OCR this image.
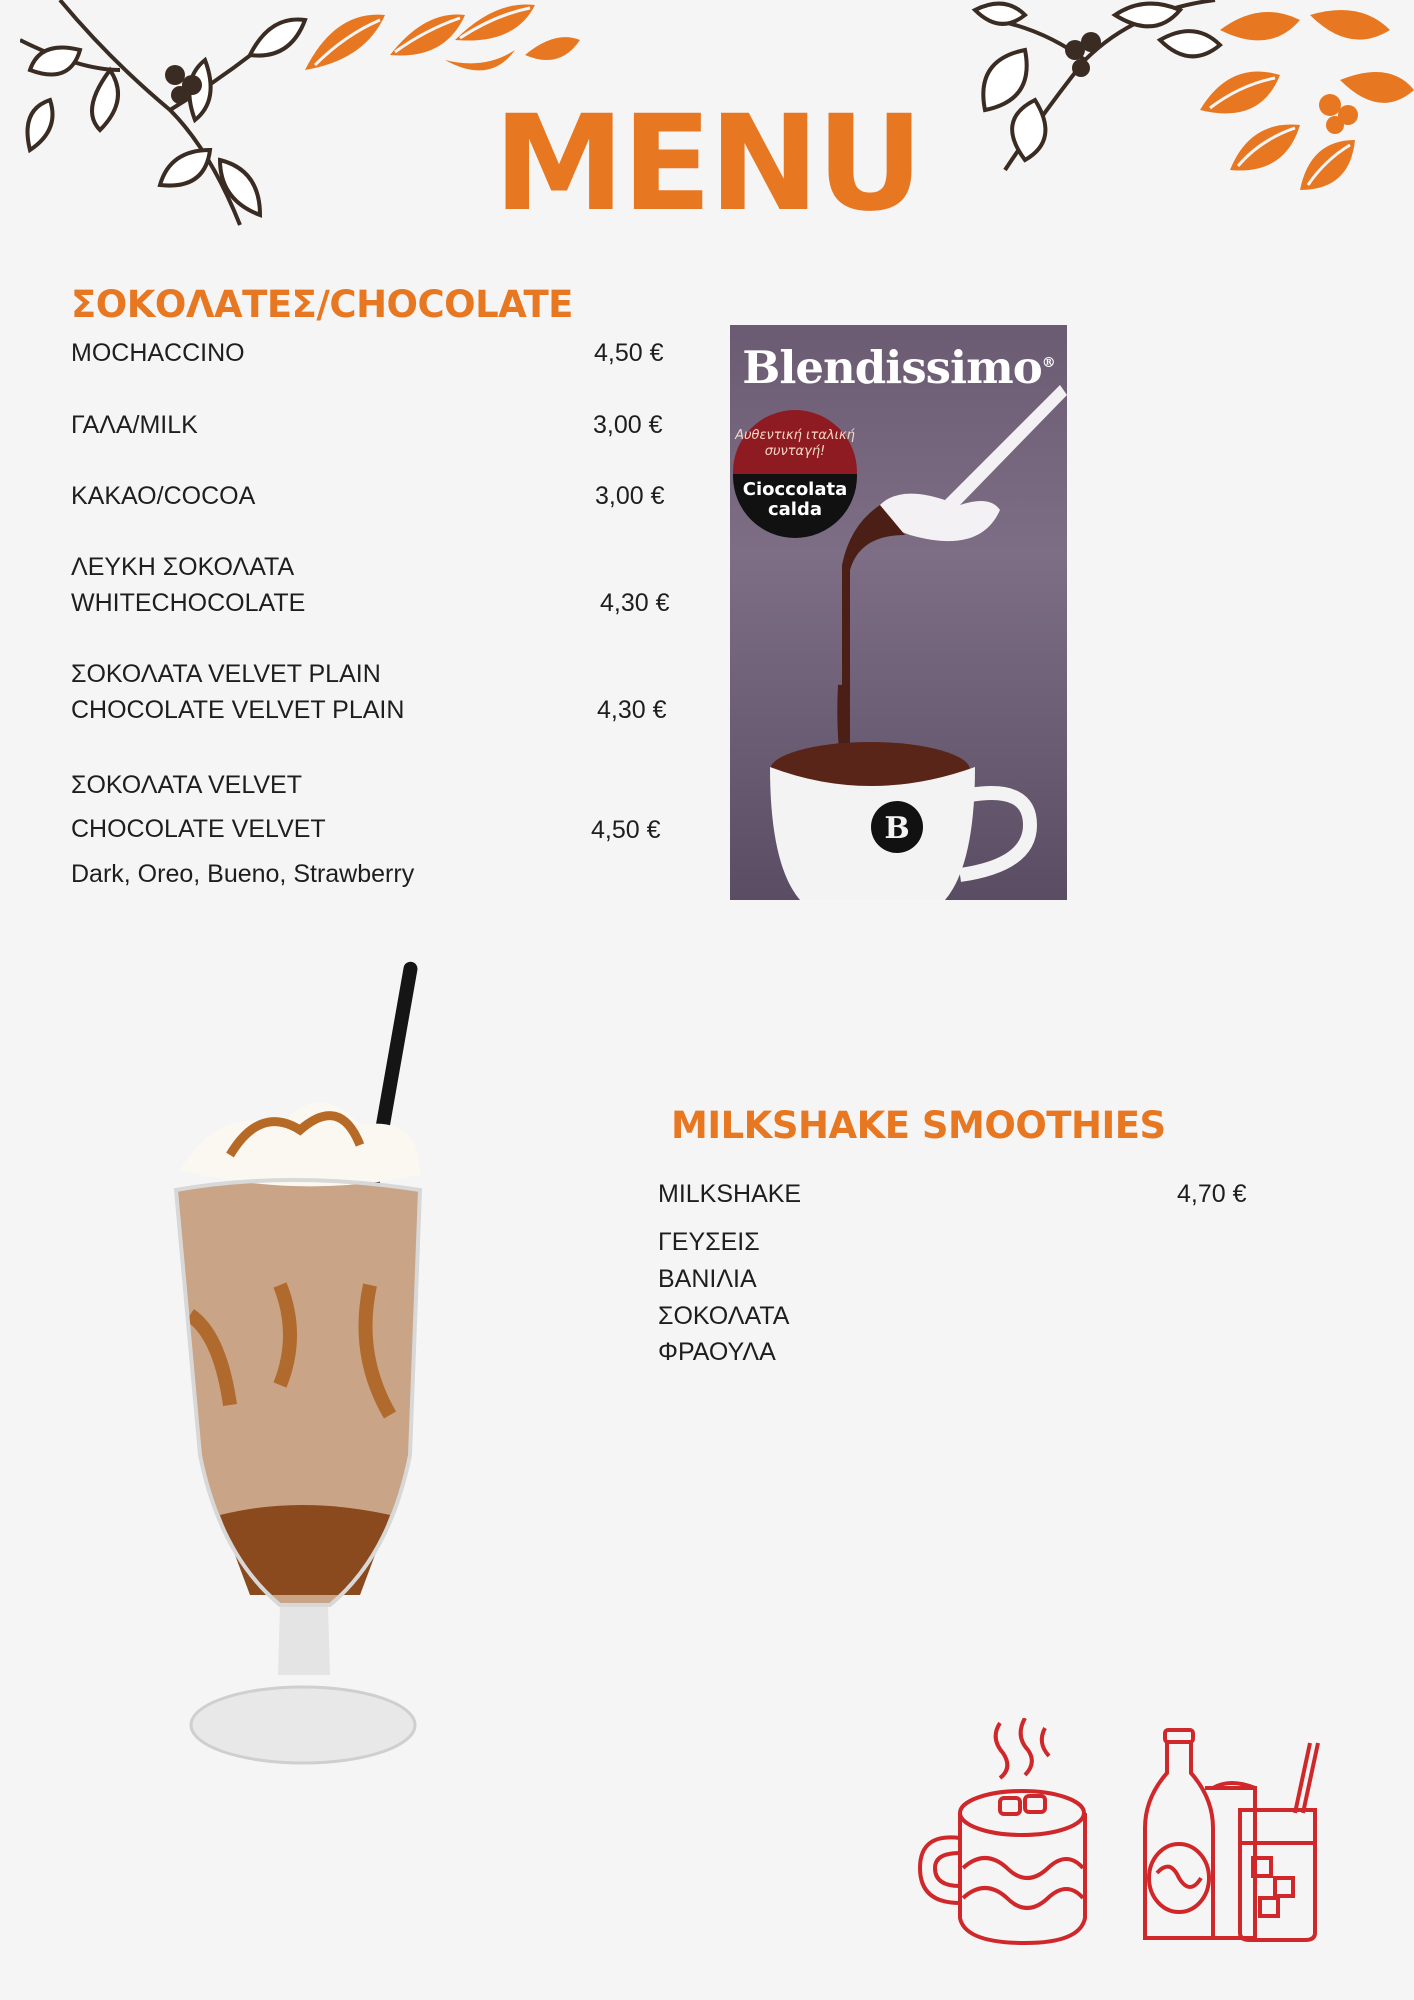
MENU
ΣΟΚΟΛΑΤΕΣ/CHOCOLATE
MOCHACCINO	4,50 €
ΓΑΛΑ/MILK	3,00 €
ΚΑΚΑΟ/COCOA	3,00 €
ΛΕΥΚΗ ΣΟΚΟΛΑΤΑ
WHITECHOCOLATE	4,30 €
ΣΟΚΟΛΑΤΑ VELVET PLAIN
CHOCOLATE VELVET PLAIN	4,30 €
ΣΟΚΟΛΑΤΑ VELVET
CHOCOLATE VELVET	4,50 €
Dark, Oreo, Bueno, Strawberry
Blendissimo®
Αυθεντική ιταλική συνταγή!
Cioccolata
calda
B
MILKSHAKE SMOOTHIES
MILKSHAKE	4,70 €
ΓΕΥΣΕΙΣ
ΒΑΝΙΛΙΑ
ΣΟΚΟΛΑΤΑ
ΦΡΑΟΥΛΑ
